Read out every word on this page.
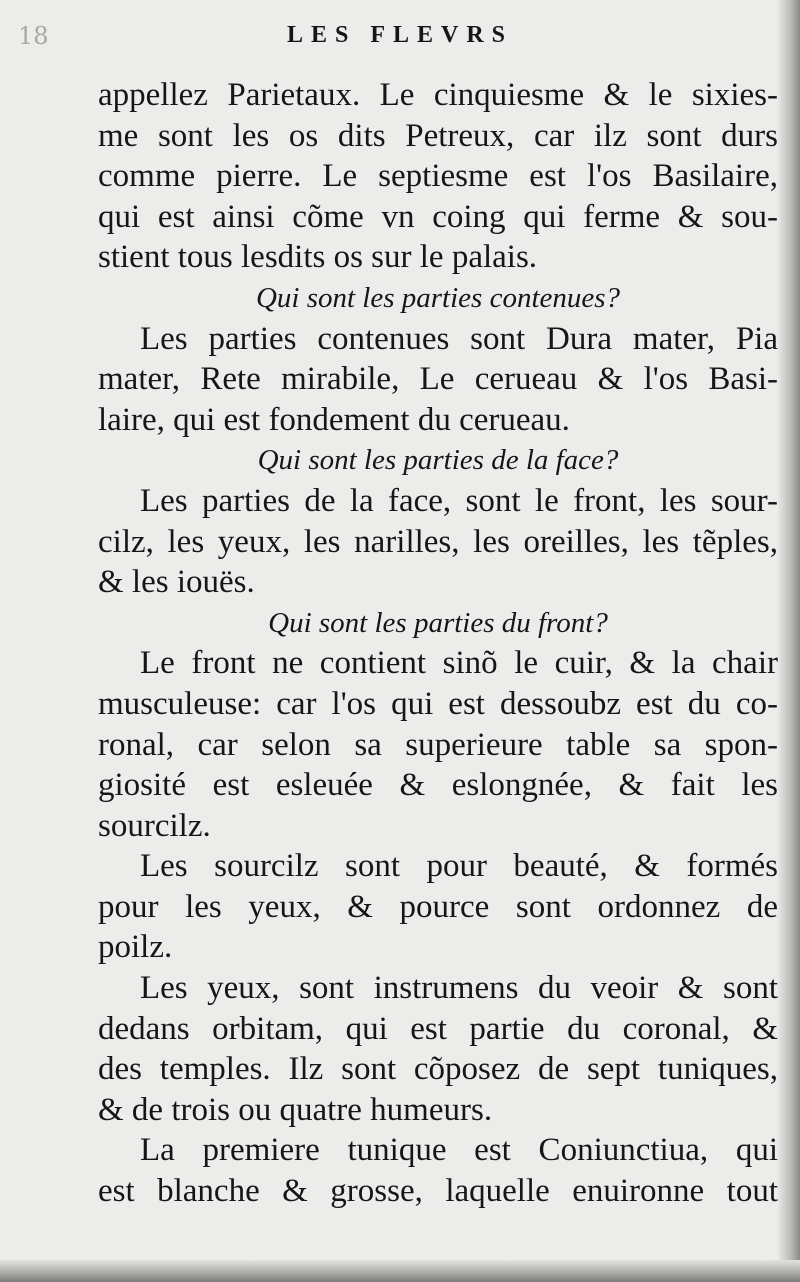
18	LES FLEVRS
appellez Parietaux. Le cinquiesme & le sixies-
me sont les os dits Petreux, car ilz sont durs
comme pierre. Le septiesme est l'os Basilaire,
qui est ainsi cõme vn coing qui ferme & sou-
stient tous lesdits os sur le palais.
Qui sont les parties contenues?
Les parties contenues sont Dura mater, Pia
mater, Rete mirabile, Le cerueau & l'os Basi-
laire, qui est fondement du cerueau.
Qui sont les parties de la face?
Les parties de la face, sont le front, les sour-
cilz, les yeux, les narilles, les oreilles, les tẽples,
& les iouës.
Qui sont les parties du front?
Le front ne contient sinõ le cuir, & la chair
musculeuse: car l'os qui est dessoubz est du co-
ronal, car selon sa superieure table sa spon-
giosité est esleuée & eslongnée, & fait les
sourcilz.
Les sourcilz sont pour beauté, & formés
pour les yeux, & pource sont ordonnez de
poilz.
Les yeux, sont instrumens du veoir & sont
dedans orbitam, qui est partie du coronal, &
des temples. Ilz sont cõposez de sept tuniques,
& de trois ou quatre humeurs.
La premiere tunique est Coniunctiua, qui
est blanche & grosse, laquelle enuironne tout
